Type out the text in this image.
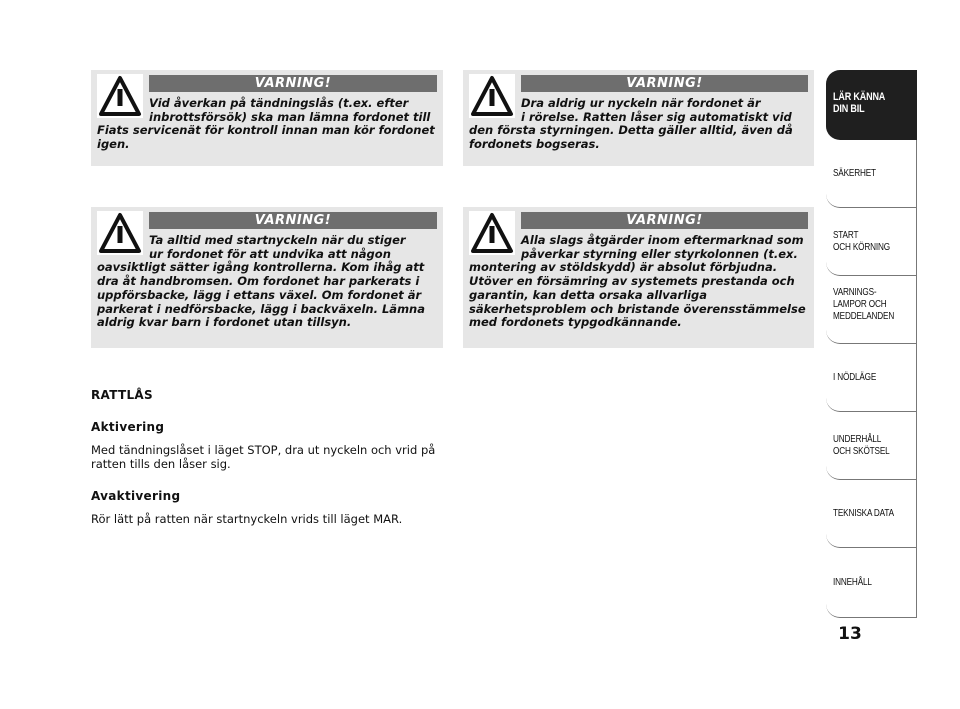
VARNING!
Vid åverkan på tändningslås (t.ex. efter
inbrottsförsök) ska man lämna fordonet till
Fiats servicenät för kontroll innan man kör fordonet igen.
VARNING!
Dra aldrig ur nyckeln när fordonet är
i rörelse. Ratten låser sig automatiskt vid
den första styrningen. Detta gäller alltid, även då fordonets bogseras.
VARNING!
Ta alltid med startnyckeln när du stiger
ur fordonet för att undvika att någon
oavsiktligt sätter igång kontrollerna. Kom ihåg att dra åt handbromsen. Om fordonet har parkerats i uppförsbacke, lägg i ettans växel. Om fordonet är parkerat i nedförsbacke, lägg i backväxeln. Lämna aldrig kvar barn i fordonet utan tillsyn.
VARNING!
Alla slags åtgärder inom eftermarknad som
påverkar styrning eller styrkolonnen (t.ex.
montering av stöldskydd) är absolut förbjudna. Utöver en försämring av systemets prestanda och garantin, kan detta orsaka allvarliga säkerhetsproblem och bristande överensstämmelse med fordonets typgodkännande.
RATTLÅS
Aktivering
Med tändningslåset i läget STOP, dra ut nyckeln och vrid på ratten tills den låser sig.
Avaktivering
Rör lätt på ratten när startnyckeln vrids till läget MAR.
LÄR KÄNNA
DIN BIL
SÄKERHET
START
OCH KÖRNING
VARNINGS-
LAMPOR OCH
MEDDELANDEN
I NÖDLÄGE
UNDERHÅLL
OCH SKÖTSEL
TEKNISKA DATA
INNEHÅLL
13
